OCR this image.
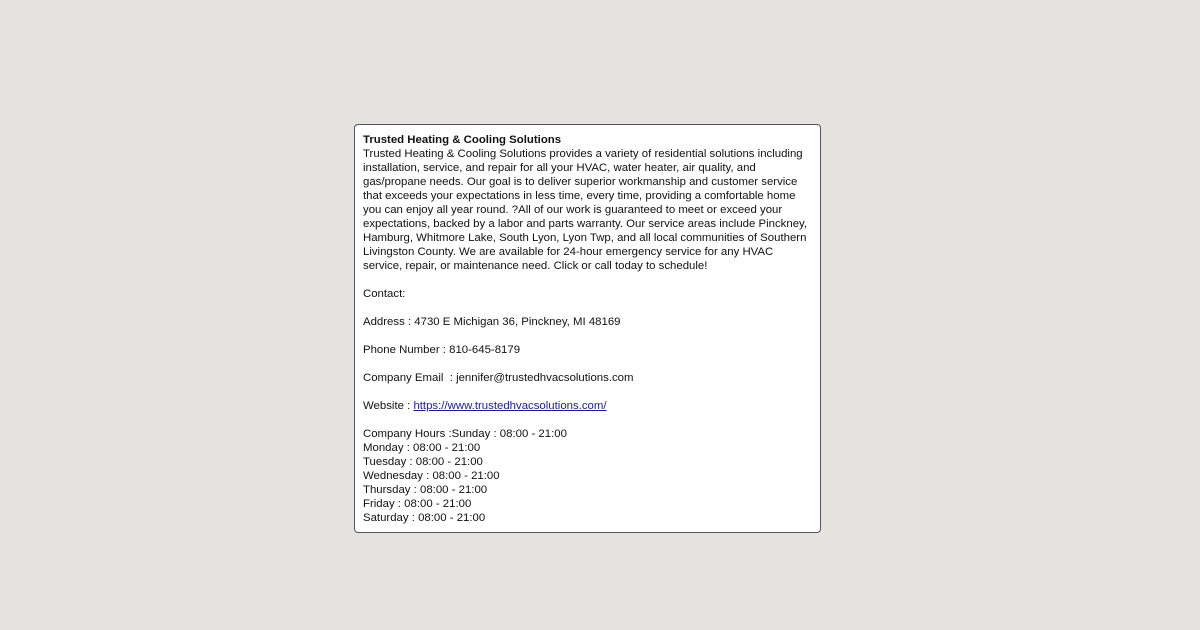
Trusted Heating & Cooling Solutions

Trusted Heating & Cooling Solutions provides a variety of residential solutions including installation, service, and repair for all your HVAC, water heater, air quality, and gas/propane needs. Our goal is to deliver superior workmanship and customer service that exceeds your expectations in less time, every time, providing a comfortable home you can enjoy all year round. ?All of our work is guaranteed to meet or exceed your expectations, backed by a labor and parts warranty. Our service areas include Pinckney, Hamburg, Whitmore Lake, South Lyon, Lyon Twp, and all local communities of Southern Livingston County. We are available for 24-hour emergency service for any HVAC service, repair, or maintenance need. Click or call today to schedule!

Contact:
Address : 4730 E Michigan 36, Pinckney, MI 48169
Phone Number : 810-645-8179
Company Email  : jennifer@trustedhvacsolutions.com
Website : https://www.trustedhvacsolutions.com/
Company Hours :Sunday : 08:00 - 21:00
Monday : 08:00 - 21:00
Tuesday : 08:00 - 21:00
Wednesday : 08:00 - 21:00
Thursday : 08:00 - 21:00
Friday : 08:00 - 21:00
Saturday : 08:00 - 21:00
